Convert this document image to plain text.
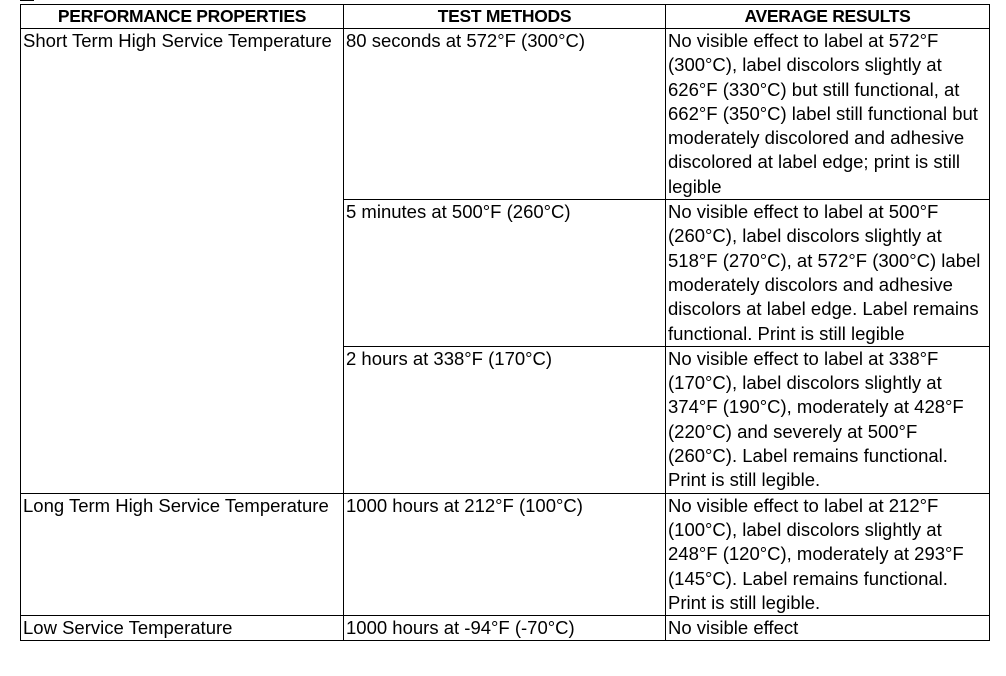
PERFORMANCE PROPERTIES	TEST METHODS	AVERAGE RESULTS
Short Term High Service Temperature	80 seconds at 572°F (300°C)	No visible effect to label at 572°F (300°C), label discolors slightly at 626°F (330°C) but still functional, at 662°F (350°C) label still functional but moderately discolored and adhesive discolored at label edge; print is still legible
	5 minutes at 500°F (260°C)	No visible effect to label at 500°F (260°C), label discolors slightly at 518°F (270°C), at 572°F (300°C) label moderately discolors and adhesive discolors at label edge. Label remains functional. Print is still legible
	2 hours at 338°F (170°C)	No visible effect to label at 338°F (170°C), label discolors slightly at 374°F (190°C), moderately at 428°F (220°C) and severely at 500°F (260°C). Label remains functional. Print is still legible.
Long Term High Service Temperature	1000 hours at 212°F (100°C)	No visible effect to label at 212°F (100°C), label discolors slightly at 248°F (120°C), moderately at 293°F (145°C). Label remains functional. Print is still legible.
Low Service Temperature	1000 hours at -94°F (-70°C)	No visible effect
